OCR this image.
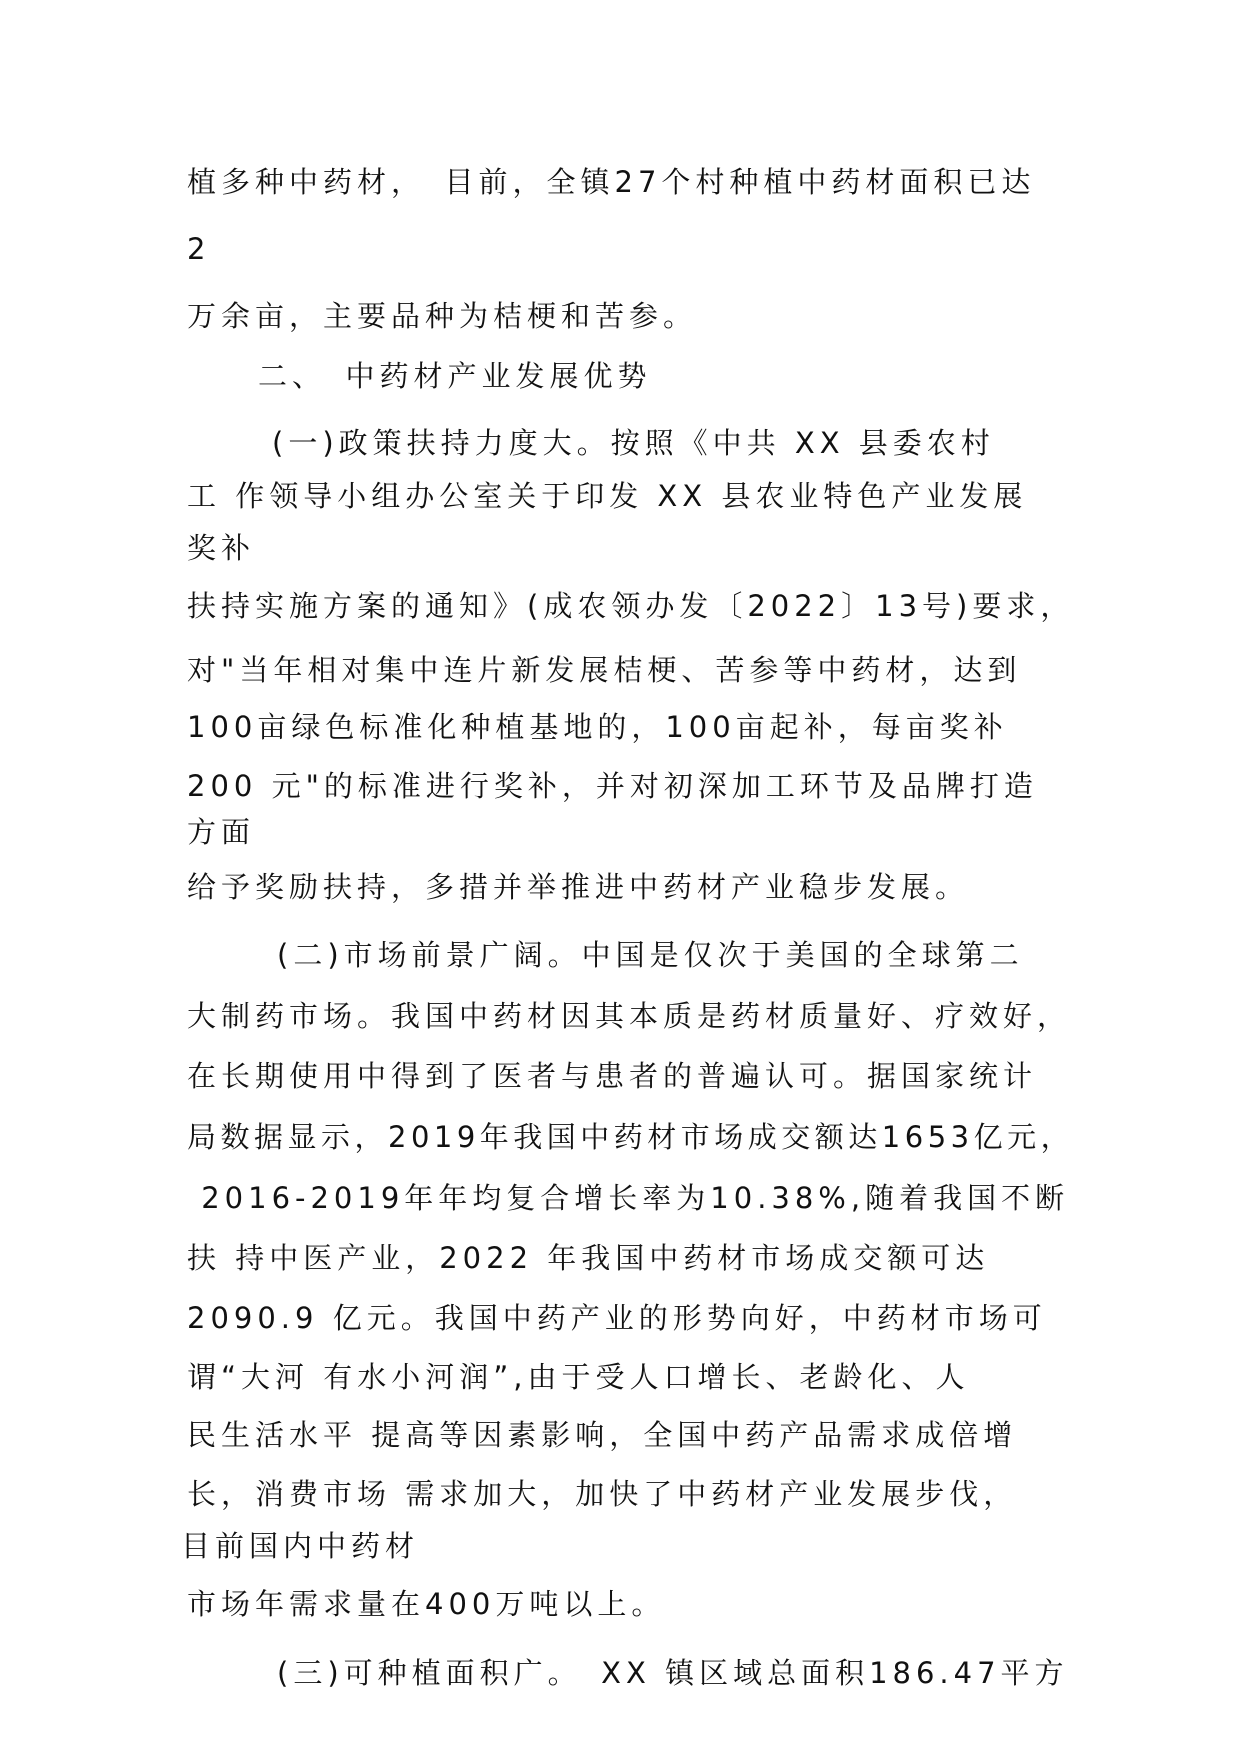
植多种中药材，　目前，全镇27个村种植中药材面积已达

2

万余亩，主要品种为桔梗和苦参。

二、　中药材产业发展优势

(一)政策扶持力度大。按照《中共 XX 县委农村

工 作领导小组办公室关于印发 XX 县农业特色产业发展

奖补

扶持实施方案的通知》(成农领办发〔2022〕13号)要求，

对"当年相对集中连片新发展桔梗、苦参等中药材，达到

100亩绿色标准化种植基地的，100亩起补，每亩奖补

200 元"的标准进行奖补，并对初深加工环节及品牌打造

方面

给予奖励扶持，多措并举推进中药材产业稳步发展。

(二)市场前景广阔。中国是仅次于美国的全球第二

大制药市场。我国中药材因其本质是药材质量好、疗效好，

在长期使用中得到了医者与患者的普遍认可。据国家统计

局数据显示，2019年我国中药材市场成交额达1653亿元，

2016-2019年年均复合增长率为10.38%,随着我国不断

扶 持中医产业，2022 年我国中药材市场成交额可达

2090.9 亿元。我国中药产业的形势向好，中药材市场可

谓“大河 有水小河润”,由于受人口增长、老龄化、人

民生活水平 提高等因素影响，全国中药产品需求成倍增

长，消费市场 需求加大，加快了中药材产业发展步伐，

目前国内中药材

市场年需求量在400万吨以上。

(三)可种植面积广。　XX 镇区域总面积186.47平方
